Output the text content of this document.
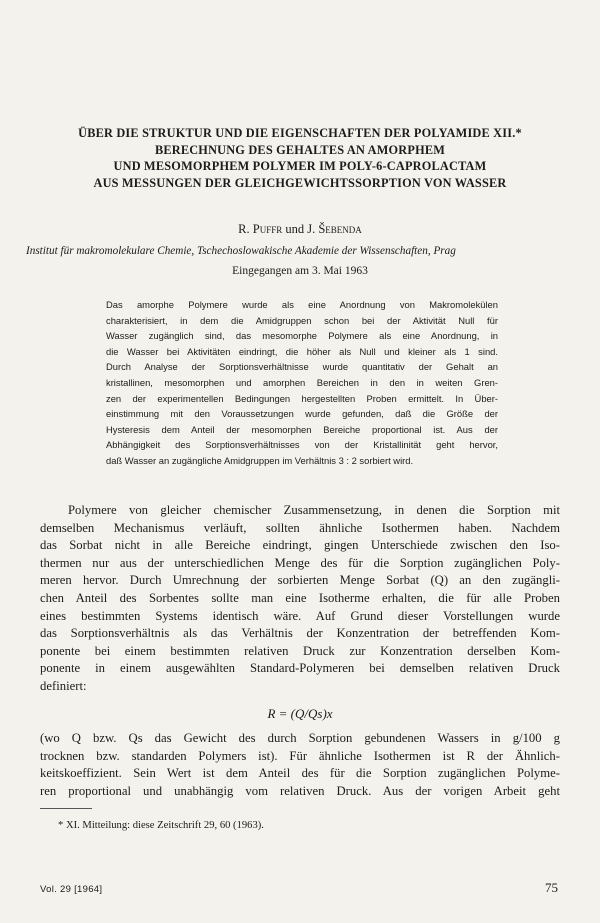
ÜBER DIE STRUKTUR UND DIE EIGENSCHAFTEN DER POLYAMIDE XII.*
BERECHNUNG DES GEHALTES AN AMORPHEM
UND MESOMORPHEM POLYMER IM POLY-6-CAPROLACTAM
AUS MESSUNGEN DER GLEICHGEWICHTSSORPTION VON WASSER
R. Puffr und J. Šebenda
Institut für makromolekulare Chemie, Tschechoslowakische Akademie der Wissenschaften, Prag
Eingegangen am 3. Mai 1963
Das amorphe Polymere wurde als eine Anordnung von Makromolekülen
charakterisiert, in dem die Amidgruppen schon bei der Aktivität Null für
Wasser zugänglich sind, das mesomorphe Polymere als eine Anordnung, in
die Wasser bei Aktivitäten eindringt, die höher als Null und kleiner als 1 sind.
Durch Analyse der Sorptionsverhältnisse wurde quantitativ der Gehalt an
kristallinen, mesomorphen und amorphen Bereichen in den in weiten Gren-
zen der experimentellen Bedingungen hergestellten Proben ermittelt. In Über-
einstimmung mit den Voraussetzungen wurde gefunden, daß die Größe der
Hysteresis dem Anteil der mesomorphen Bereiche proportional ist. Aus der
Abhängigkeit des Sorptionsverhältnisses von der Kristallinität geht hervor,
daß Wasser an zugängliche Amidgruppen im Verhältnis 3 : 2 sorbiert wird.
Polymere von gleicher chemischer Zusammensetzung, in denen die Sorption mit
demselben Mechanismus verläuft, sollten ähnliche Isothermen haben. Nachdem
das Sorbat nicht in alle Bereiche eindringt, gingen Unterschiede zwischen den Iso-
thermen nur aus der unterschiedlichen Menge des für die Sorption zugänglichen Poly-
meren hervor. Durch Umrechnung der sorbierten Menge Sorbat (Q) an den zugängli-
chen Anteil des Sorbentes sollte man eine Isotherme erhalten, die für alle Proben
eines bestimmten Systems identisch wäre. Auf Grund dieser Vorstellungen wurde
das Sorptionsverhältnis als das Verhältnis der Konzentration der betreffenden Kom-
ponente bei einem bestimmten relativen Druck zur Konzentration derselben Kom-
ponente in einem ausgewählten Standard-Polymeren bei demselben relativen Druck
definiert:
R = (Q/Qs)x
(wo Q bzw. Qs das Gewicht des durch Sorption gebundenen Wassers in g/100 g
trocknen bzw. standarden Polymers ist). Für ähnliche Isothermen ist R der Ähnlich-
keitskoeffizient. Sein Wert ist dem Anteil des für die Sorption zugänglichen Polyme-
ren proportional und unabhängig vom relativen Druck. Aus der vorigen Arbeit geht
* XI. Mitteilung: diese Zeitschrift 29, 60 (1963).
Vol. 29 [1964]	75
